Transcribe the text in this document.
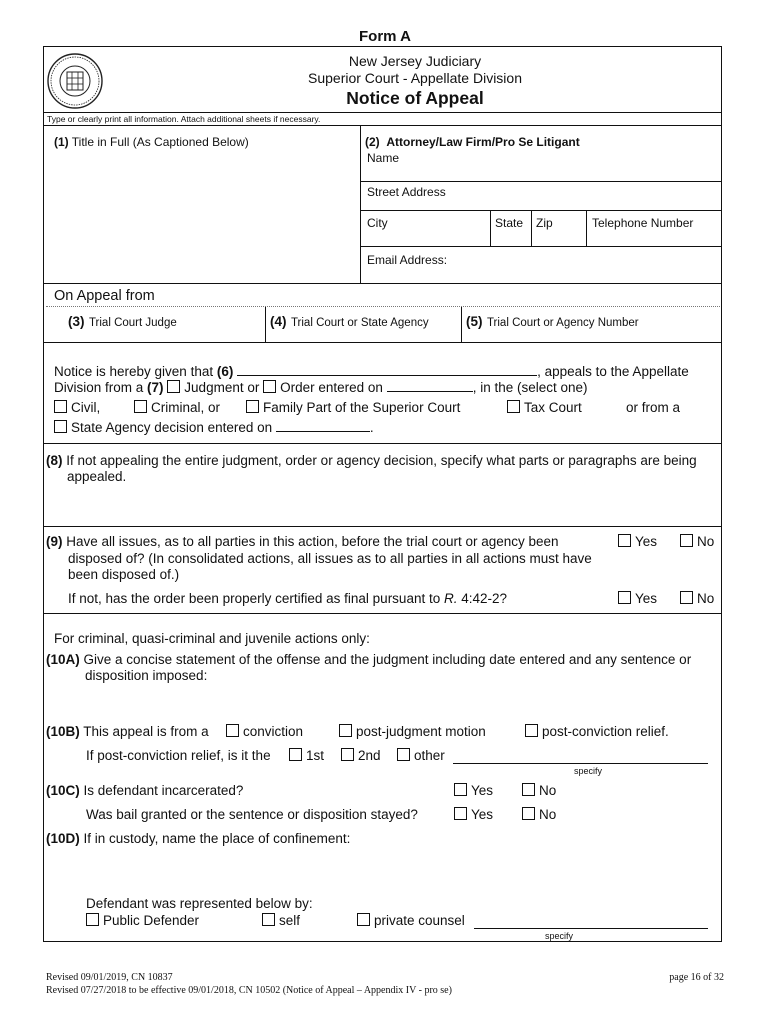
Form A
New Jersey Judiciary
Superior Court - Appellate Division
Notice of Appeal
Type or clearly print all information. Attach additional sheets if necessary.
(1) Title in Full (As Captioned Below)	(2) Attorney/Law Firm/Pro Se Litigant
Name
Street Address
City	State Zip	Telephone Number
Email Address:
On Appeal from
(3) Trial Court Judge	(4) Trial Court or State Agency	(5) Trial Court or Agency Number
Notice is hereby given that (6)	, appeals to the Appellate
Division from a (7) Judgment or Order entered on	, in the (select one)
Civil,	Criminal, or	Family Part of the Superior Court	Tax Court	or from a
State Agency decision entered on	.
(8) If not appealing the entire judgment, order or agency decision, specify what parts or paragraphs are being
appealed.
(9) Have all issues, as to all parties in this action, before the trial court or agency been
disposed of? (In consolidated actions, all issues as to all parties in all actions must have
been disposed of.)
Yes	No
If not, has the order been properly certified as final pursuant to R. 4:42-2?	Yes	No
For criminal, quasi-criminal and juvenile actions only:
(10A) Give a concise statement of the offense and the judgment including date entered and any sentence or
disposition imposed:
(10B) This appeal is from a	conviction	post-judgment motion	post-conviction relief.
If post-conviction relief, is it the	1st	2nd	other
specify
(10C) Is defendant incarcerated?	Yes	No
Was bail granted or the sentence or disposition stayed?	Yes	No
(10D) If in custody, name the place of confinement:
Defendant was represented below by:
Public Defender	self	private counsel
specify
Revised 09/01/2019, CN 10837
Revised 07/27/2018 to be effective 09/01/2018, CN 10502 (Notice of Appeal – Appendix IV - pro se)
page 16 of 32
